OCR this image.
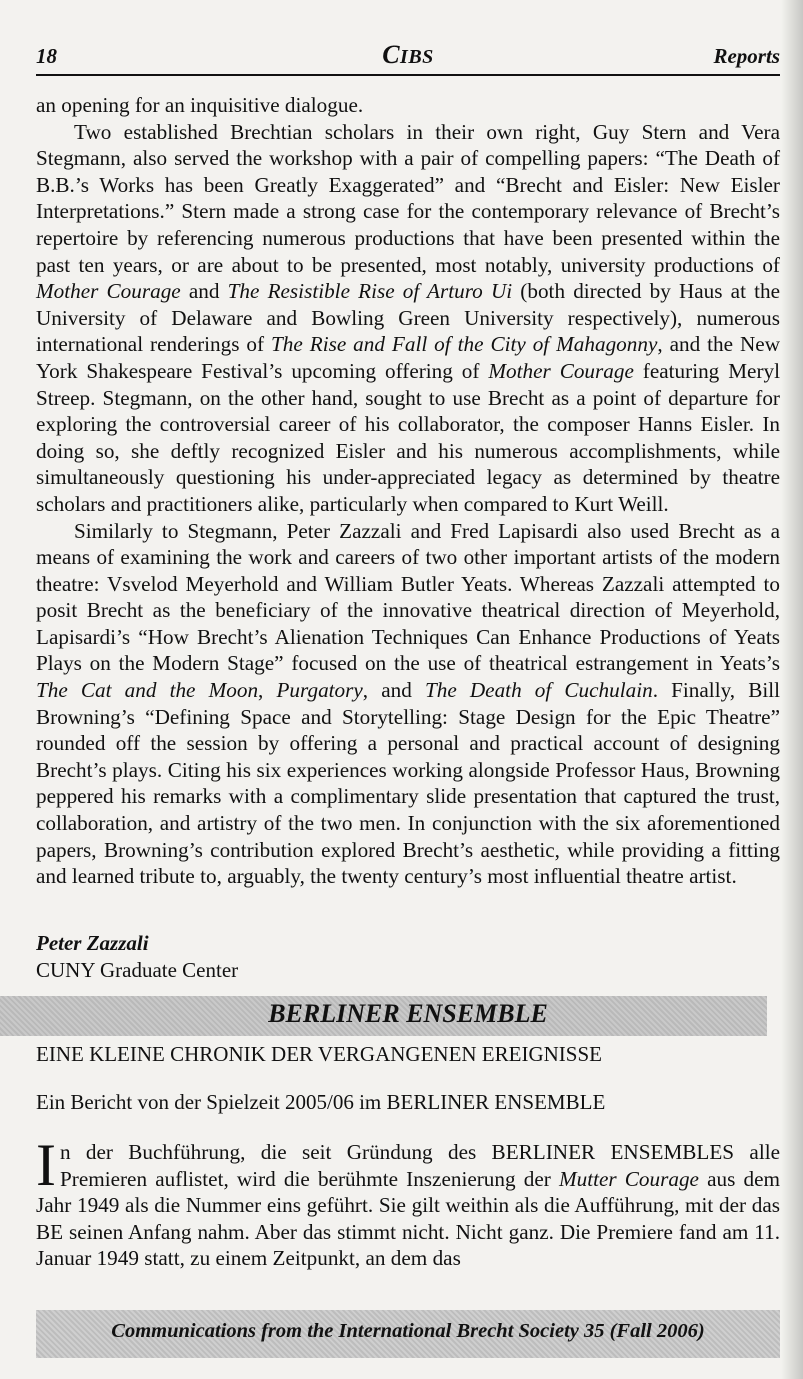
18	CIBS	Reports

an opening for an inquisitive dialogue.

Two established Brechtian scholars in their own right, Guy Stern and Vera Stegmann, also served the workshop with a pair of compelling papers: “The Death of B.B.’s Works has been Greatly Exaggerated” and “Brecht and Eisler: New Eisler Interpretations.” Stern made a strong case for the contemporary relevance of Brecht’s repertoire by referencing numerous productions that have been presented within the past ten years, or are about to be presented, most notably, university productions of Mother Courage and The Resistible Rise of Arturo Ui (both directed by Haus at the University of Delaware and Bowling Green University respectively), numerous international renderings of The Rise and Fall of the City of Mahagonny, and the New York Shakespeare Festival’s upcoming offering of Mother Courage featuring Meryl Streep. Stegmann, on the other hand, sought to use Brecht as a point of departure for exploring the controversial career of his collaborator, the composer Hanns Eisler. In doing so, she deftly recognized Eisler and his numerous accomplishments, while simultaneously questioning his under-appreciated legacy as determined by theatre scholars and practitioners alike, particularly when compared to Kurt Weill.

Similarly to Stegmann, Peter Zazzali and Fred Lapisardi also used Brecht as a means of examining the work and careers of two other important artists of the modern theatre: Vsvelod Meyerhold and William Butler Yeats. Whereas Zazzali attempted to posit Brecht as the beneficiary of the innovative theatrical direction of Meyerhold, Lapisardi’s “How Brecht’s Alienation Techniques Can Enhance Productions of Yeats Plays on the Modern Stage” focused on the use of theatrical estrangement in Yeats’s The Cat and the Moon, Purgatory, and The Death of Cuchulain. Finally, Bill Browning’s “Defining Space and Storytelling: Stage Design for the Epic Theatre” rounded off the session by offering a personal and practical account of designing Brecht’s plays. Citing his six experiences working alongside Professor Haus, Browning peppered his remarks with a complimentary slide presentation that captured the trust, collaboration, and artistry of the two men. In conjunction with the six aforementioned papers, Browning’s contribution explored Brecht’s aesthetic, while providing a fitting and learned tribute to, arguably, the twenty century’s most influential theatre artist.

Peter Zazzali
CUNY Graduate Center
BERLINER ENSEMBLE
EINE KLEINE CHRONIK DER VERGANGENEN EREIGNISSE
Ein Bericht von der Spielzeit 2005/06 im BERLINER ENSEMBLE
In der Buchführung, die seit Gründung des BERLINER ENSEMBLES alle Premieren auflistet, wird die berühmte Inszenierung der Mutter Courage aus dem Jahr 1949 als die Nummer eins geführt. Sie gilt weithin als die Aufführung, mit der das BE seinen Anfang nahm. Aber das stimmt nicht. Nicht ganz. Die Premiere fand am 11. Januar 1949 statt, zu einem Zeitpunkt, an dem das
Communications from the International Brecht Society 35 (Fall 2006)
